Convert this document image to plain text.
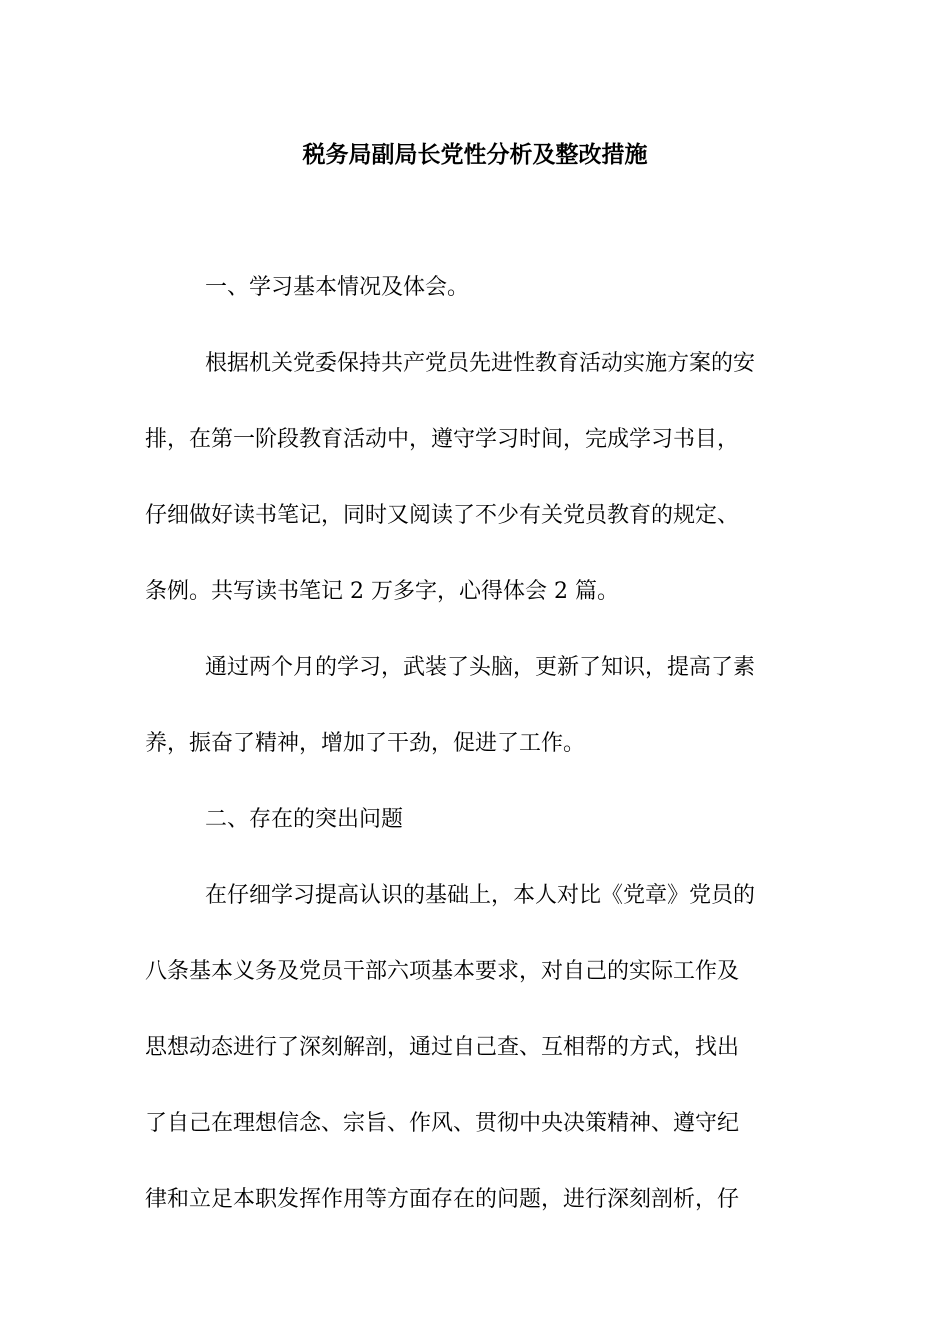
税务局副局长党性分析及整改措施
一、学习基本情况及体会。
根据机关党委保持共产党员先进性教育活动实施方案的安
排，在第一阶段教育活动中，遵守学习时间，完成学习书目，
仔细做好读书笔记，同时又阅读了不少有关党员教育的规定、
条例。共写读书笔记 2 万多字，心得体会 2 篇。
通过两个月的学习，武装了头脑，更新了知识，提高了素
养，振奋了精神，增加了干劲，促进了工作。
二、存在的突出问题
在仔细学习提高认识的基础上，本人对比《党章》党员的
八条基本义务及党员干部六项基本要求，对自己的实际工作及
思想动态进行了深刻解剖，通过自己查、互相帮的方式，找出
了自己在理想信念、宗旨、作风、贯彻中央决策精神、遵守纪
律和立足本职发挥作用等方面存在的问题，进行深刻剖析，仔
